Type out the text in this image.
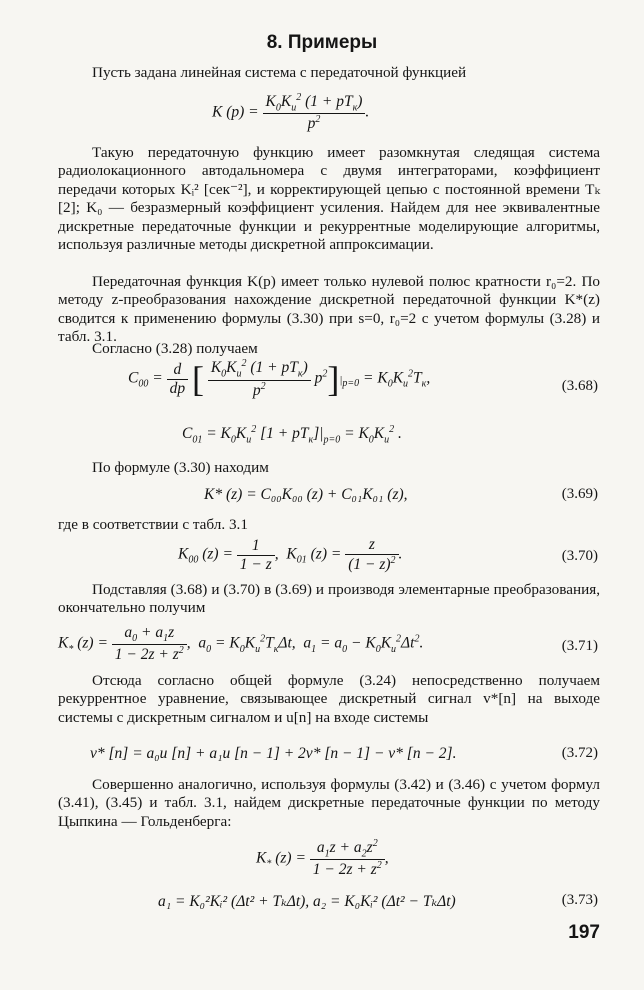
8. Примеры
Пусть задана линейная система с передаточной функцией
K $(p) = \frac{K_0K_и^2 (1 + pT_к)}{p^2}$ .
Такую передаточную функцию имеет разомкнутая следящая система радиолокационного автодальномера с двумя интеграторами, коэффициент передачи которых Kᵢ² [сек⁻²], и корректирующей цепью с постоянной времени Tₖ [2]; K₀ — безразмерный коэффициент усиления. Найдем для нее эквивалентные дискретные передаточные функции и рекуррентные моделирующие алгоритмы, используя различные методы дискретной аппроксимации.
Передаточная функция K(p) имеет только нулевой полюс кратности r₀=2. По методу z-преобразования нахождение дискретной передаточной функции K*(z) сводится к применению формулы (3.30) при s=0, r₀=2 с учетом формулы (3.28) и табл. 3.1.
Согласно (3.28) получаем
$C_{00} = \frac{d}{dp}$ [ $\frac{K_0K_и^2 (1 + pT_к)}{p^2} p^2]|_{p=0} = K_0K_и^2T_к$,	(3.68)
$C_{01} = K_0K_и^2$ $[1 + pT_к]|_{p=0} = K_0K_и^2$ .
По формуле (3.30) находим
K* (z) = C₀₀K₀₀ (z) + C₀₁K₀₁ (z),	(3.69)
где в соответствии с табл. 3.1
$K_{00}$ $(z) = \frac{1}{1 - z}$ ,  $K_{01}$ $(z) = \frac{z}{(1 - z)^2}$ .	(3.70)
Подставляя (3.68) и (3.70) в (3.69) и производя элементарные преобразования, окончательно получим
$K_*$ $(z) = \frac{a_0 + a_1z}{1 - 2z + z^2}$ ,  $a_0 = K_0K_и^2T_к\Delta t$,  $a_1 = a_0 - K_0K_и^2\Delta t^2$.	(3.71)
Отсюда согласно общей формуле (3.24) непосредственно получаем рекуррентное уравнение, связывающее дискретный сигнал v*[n] на выходе системы с дискретным сигналом и u[n] на входе системы
v* [n] = a₀u [n] + a₁u [n − 1] + 2v* [n − 1] − v* [n − 2].	(3.72)
Совершенно аналогично, используя формулы (3.42) и (3.46) с учетом формул (3.41), (3.45) и табл. 3.1, найдем дискретные передаточные функции по методу Цыпкина — Гольденберга:
$K_*$ $(z) = \frac{a_1z + a_2z^2}{1 - 2z + z^2}$ ,
a₁ = K₀²Kᵢ² (Δt² + TₖΔt), a₂ = K₀Kᵢ² (Δt² − TₖΔt)	(3.73)
197
